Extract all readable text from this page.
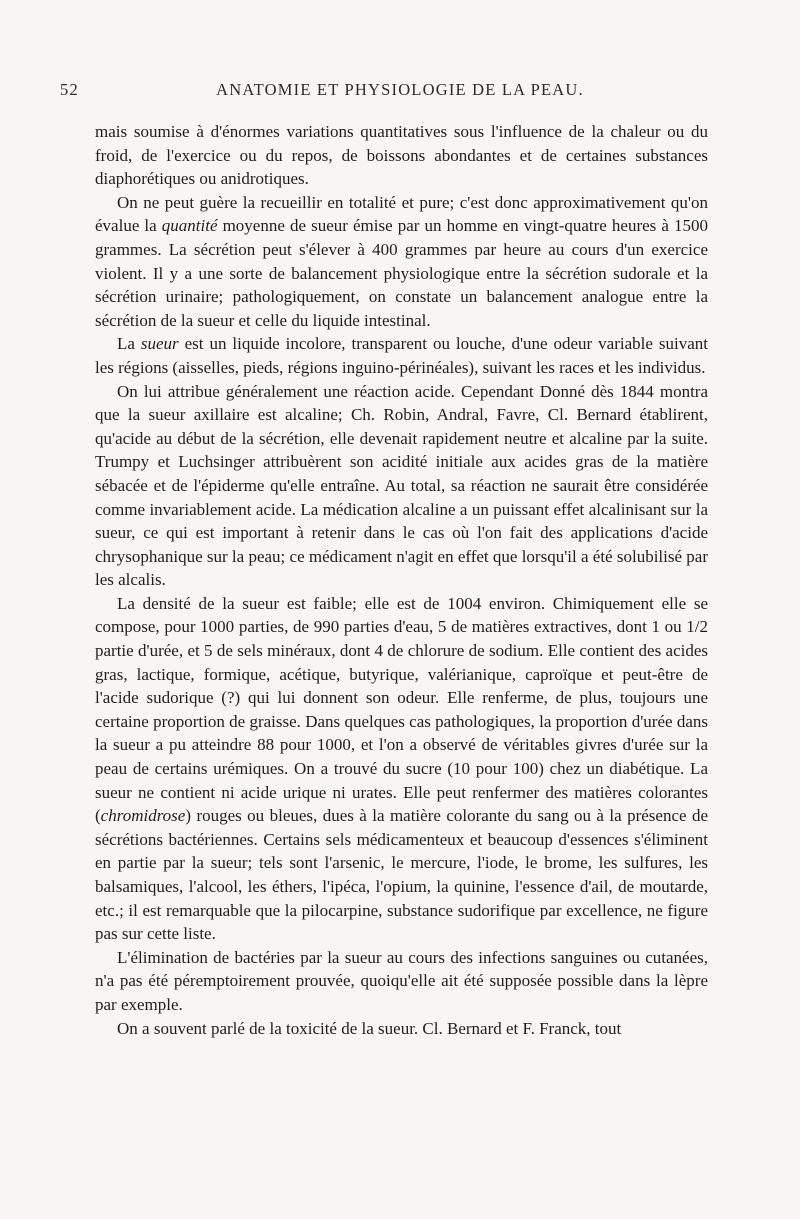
52	ANATOMIE ET PHYSIOLOGIE DE LA PEAU.

mais soumise à d'énormes variations quantitatives sous l'influence de la chaleur ou du froid, de l'exercice ou du repos, de boissons abondantes et de certaines substances diaphorétiques ou anidrotiques.

On ne peut guère la recueillir en totalité et pure; c'est donc approximativement qu'on évalue la quantité moyenne de sueur émise par un homme en vingt-quatre heures à 1500 grammes. La sécrétion peut s'élever à 400 grammes par heure au cours d'un exercice violent. Il y a une sorte de balancement physiologique entre la sécrétion sudorale et la sécrétion urinaire; pathologiquement, on constate un balancement analogue entre la sécrétion de la sueur et celle du liquide intestinal.

La sueur est un liquide incolore, transparent ou louche, d'une odeur variable suivant les régions (aisselles, pieds, régions inguino-périnéales), suivant les races et les individus.

On lui attribue généralement une réaction acide. Cependant Donné dès 1844 montra que la sueur axillaire est alcaline; Ch. Robin, Andral, Favre, Cl. Bernard établirent, qu'acide au début de la sécrétion, elle devenait rapidement neutre et alcaline par la suite. Trumpy et Luchsinger attribuèrent son acidité initiale aux acides gras de la matière sébacée et de l'épiderme qu'elle entraîne. Au total, sa réaction ne saurait être considérée comme invariablement acide. La médication alcaline a un puissant effet alcalinisant sur la sueur, ce qui est important à retenir dans le cas où l'on fait des applications d'acide chrysophanique sur la peau; ce médicament n'agit en effet que lorsqu'il a été solubilisé par les alcalis.

La densité de la sueur est faible; elle est de 1004 environ. Chimiquement elle se compose, pour 1000 parties, de 990 parties d'eau, 5 de matières extractives, dont 1 ou 1/2 partie d'urée, et 5 de sels minéraux, dont 4 de chlorure de sodium. Elle contient des acides gras, lactique, formique, acétique, butyrique, valérianique, caproïque et peut-être de l'acide sudorique (?) qui lui donnent son odeur. Elle renferme, de plus, toujours une certaine proportion de graisse. Dans quelques cas pathologiques, la proportion d'urée dans la sueur a pu atteindre 88 pour 1000, et l'on a observé de véritables givres d'urée sur la peau de certains urémiques. On a trouvé du sucre (10 pour 100) chez un diabétique. La sueur ne contient ni acide urique ni urates. Elle peut renfermer des matières colorantes (chromidrose) rouges ou bleues, dues à la matière colorante du sang ou à la présence de sécrétions bactériennes. Certains sels médicamenteux et beaucoup d'essences s'éliminent en partie par la sueur; tels sont l'arsenic, le mercure, l'iode, le brome, les sulfures, les balsamiques, l'alcool, les éthers, l'ipéca, l'opium, la quinine, l'essence d'ail, de moutarde, etc.; il est remarquable que la pilocarpine, substance sudorifique par excellence, ne figure pas sur cette liste.

L'élimination de bactéries par la sueur au cours des infections sanguines ou cutanées, n'a pas été péremptoirement prouvée, quoiqu'elle ait été supposée possible dans la lèpre par exemple.

On a souvent parlé de la toxicité de la sueur. Cl. Bernard et F. Franck, tout
